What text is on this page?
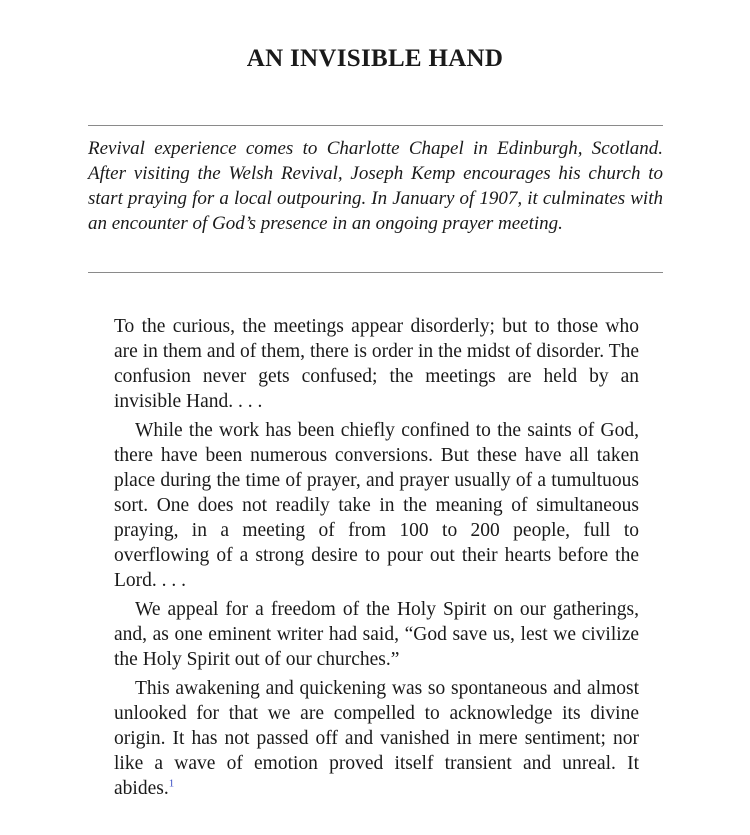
AN INVISIBLE HAND

Revival experience comes to Charlotte Chapel in Edinburgh, Scotland. After visiting the Welsh Revival, Joseph Kemp encourages his church to start praying for a local outpouring. In January of 1907, it culminates with an encounter of God’s presence in an ongoing prayer meeting.

To the curious, the meetings appear disorderly; but to those who are in them and of them, there is order in the midst of disorder. The confusion never gets confused; the meetings are held by an invisible Hand. . . .

While the work has been chiefly confined to the saints of God, there have been numerous conversions. But these have all taken place during the time of prayer, and prayer usually of a tumultuous sort. One does not readily take in the meaning of simultaneous praying, in a meeting of from 100 to 200 people, full to overflowing of a strong desire to pour out their hearts before the Lord. . . .

We appeal for a freedom of the Holy Spirit on our gatherings, and, as one eminent writer had said, “God save us, lest we civilize the Holy Spirit out of our churches.”

This awakening and quickening was so spontaneous and almost unlooked for that we are compelled to acknowledge its divine origin. It has not passed off and vanished in mere sentiment; nor like a wave of emotion proved itself transient and unreal. It abides.$^1$
